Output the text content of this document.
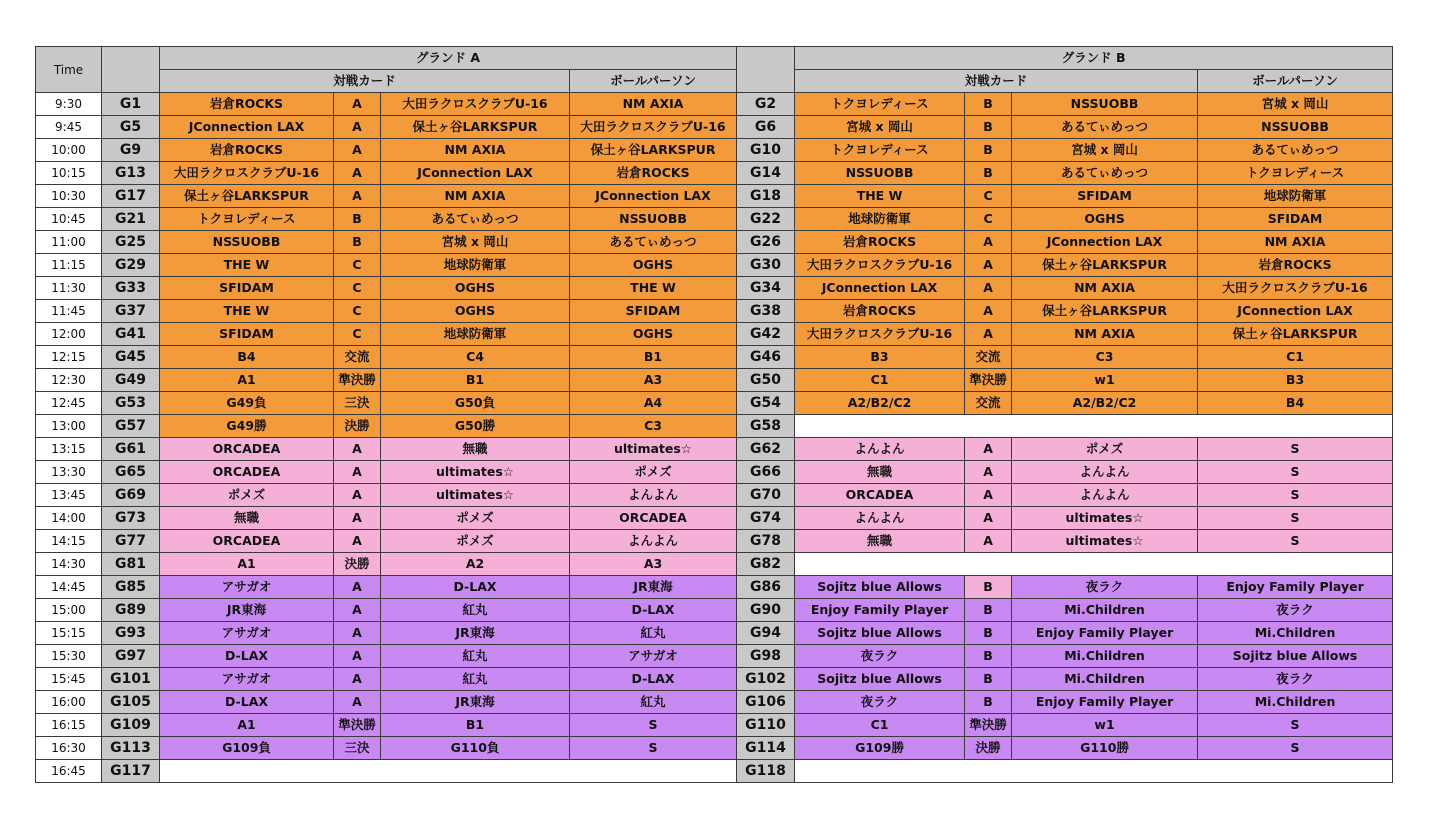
Time		グランド A					グランド B			
		対戦カード			ボールパーソン		対戦カード			ボールパーソン
9:30	G1	岩倉ROCKS	A	大田ラクロスクラブU-16	NM AXIA	G2	トクヨレディース	B	NSSUOBB	宮城 x 岡山
9:45	G5	JConnection LAX	A	保土ヶ谷LARKSPUR	大田ラクロスクラブU-16	G6	宮城 x 岡山	B	あるてぃめっつ	NSSUOBB
10:00	G9	岩倉ROCKS	A	NM AXIA	保土ヶ谷LARKSPUR	G10	トクヨレディース	B	宮城 x 岡山	あるてぃめっつ
10:15	G13	大田ラクロスクラブU-16	A	JConnection LAX	岩倉ROCKS	G14	NSSUOBB	B	あるてぃめっつ	トクヨレディース
10:30	G17	保土ヶ谷LARKSPUR	A	NM AXIA	JConnection LAX	G18	THE W	C	SFIDAM	地球防衛軍
10:45	G21	トクヨレディース	B	あるてぃめっつ	NSSUOBB	G22	地球防衛軍	C	OGHS	SFIDAM
11:00	G25	NSSUOBB	B	宮城 x 岡山	あるてぃめっつ	G26	岩倉ROCKS	A	JConnection LAX	NM AXIA
11:15	G29	THE W	C	地球防衛軍	OGHS	G30	大田ラクロスクラブU-16	A	保土ヶ谷LARKSPUR	岩倉ROCKS
11:30	G33	SFIDAM	C	OGHS	THE W	G34	JConnection LAX	A	NM AXIA	大田ラクロスクラブU-16
11:45	G37	THE W	C	OGHS	SFIDAM	G38	岩倉ROCKS	A	保土ヶ谷LARKSPUR	JConnection LAX
12:00	G41	SFIDAM	C	地球防衛軍	OGHS	G42	大田ラクロスクラブU-16	A	NM AXIA	保土ヶ谷LARKSPUR
12:15	G45	B4	交流	C4	B1	G46	B3	交流	C3	C1
12:30	G49	A1	準決勝	B1	A3	G50	C1	準決勝	w1	B3
12:45	G53	G49負	三決	G50負	A4	G54	A2/B2/C2	交流	A2/B2/C2	B4
13:00	G57	G49勝	決勝	G50勝	C3	G58				
13:15	G61	ORCADEA	A	無職	ultimates☆	G62	よんよん	A	ポメズ	S
13:30	G65	ORCADEA	A	ultimates☆	ポメズ	G66	無職	A	よんよん	S
13:45	G69	ポメズ	A	ultimates☆	よんよん	G70	ORCADEA	A	よんよん	S
14:00	G73	無職	A	ポメズ	ORCADEA	G74	よんよん	A	ultimates☆	S
14:15	G77	ORCADEA	A	ポメズ	よんよん	G78	無職	A	ultimates☆	S
14:30	G81	A1	決勝	A2	A3	G82				
14:45	G85	アサガオ	A	D-LAX	JR東海	G86	Sojitz blue Allows	B	夜ラク	Enjoy Family Player
15:00	G89	JR東海	A	紅丸	D-LAX	G90	Enjoy Family Player	B	Mi.Children	夜ラク
15:15	G93	アサガオ	A	JR東海	紅丸	G94	Sojitz blue Allows	B	Enjoy Family Player	Mi.Children
15:30	G97	D-LAX	A	紅丸	アサガオ	G98	夜ラク	B	Mi.Children	Sojitz blue Allows
15:45	G101	アサガオ	A	紅丸	D-LAX	G102	Sojitz blue Allows	B	Mi.Children	夜ラク
16:00	G105	D-LAX	A	JR東海	紅丸	G106	夜ラク	B	Enjoy Family Player	Mi.Children
16:15	G109	A1	準決勝	B1	S	G110	C1	準決勝	w1	S
16:30	G113	G109負	三決	G110負	S	G114	G109勝	決勝	G110勝	S
16:45	G117					G118				
